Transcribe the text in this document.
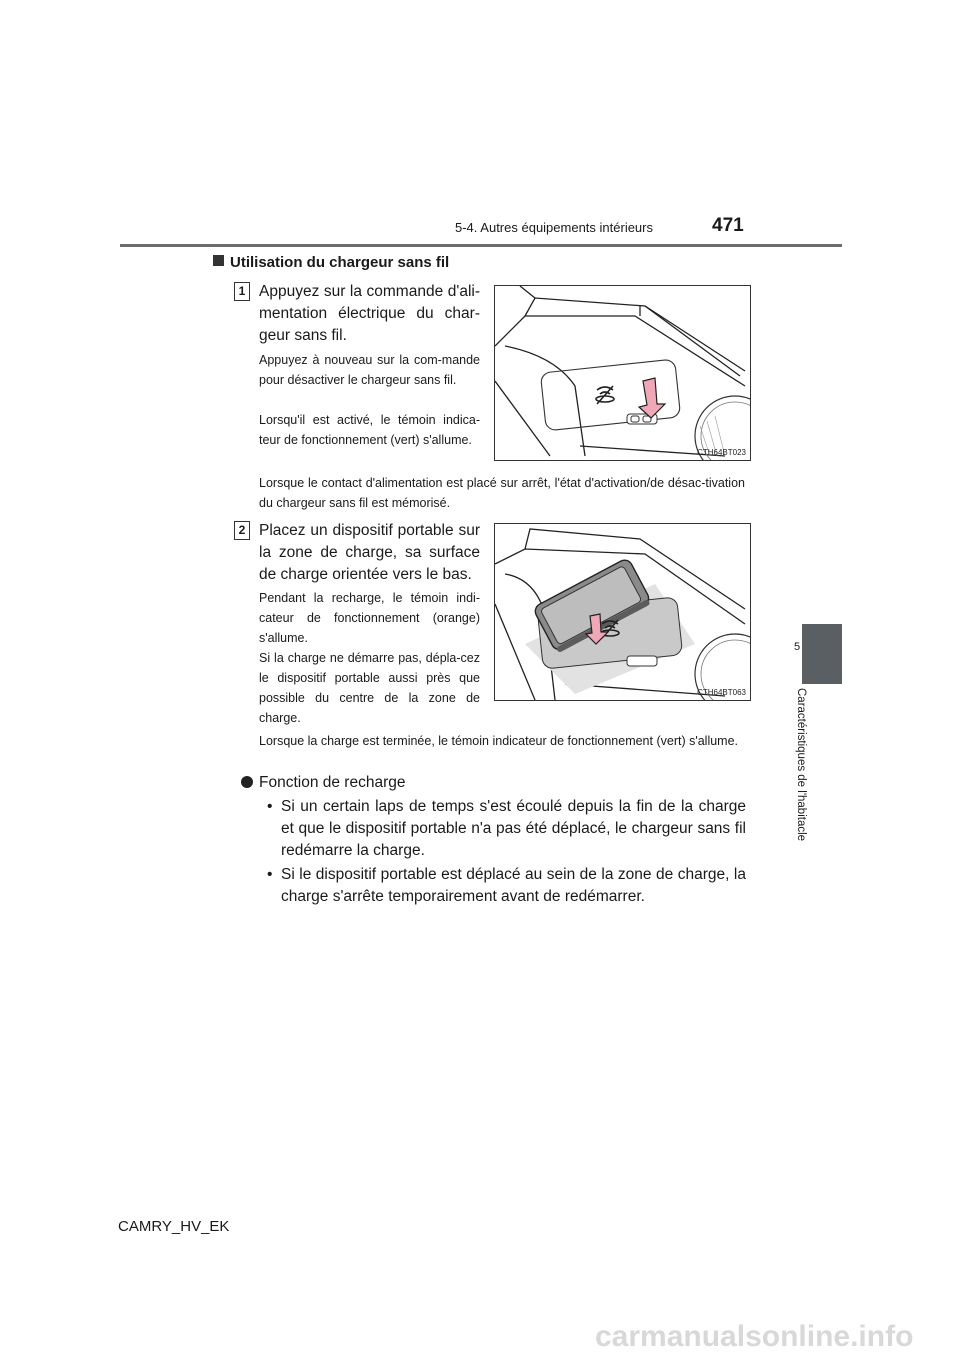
5-4. Autres équipements intérieurs	471
5
Caractéristiques de l'habitacle
Utilisation du chargeur sans fil
1 Appuyez sur la commande d'ali-mentation électrique du char-geur sans fil.
Appuyez à nouveau sur la com-mande pour désactiver le chargeur sans fil.
Lorsqu'il est activé, le témoin indica-teur de fonctionnement (vert) s'allume.
CTH64BT023
Lorsque le contact d'alimentation est placé sur arrêt, l'état d'activation/de désac-tivation du chargeur sans fil est mémorisé.
2 Placez un dispositif portable sur la zone de charge, sa surface de charge orientée vers le bas.
Pendant la recharge, le témoin indi-cateur de fonctionnement (orange) s'allume.
Si la charge ne démarre pas, dépla-cez le dispositif portable aussi près que possible du centre de la zone de charge.
CTH64BT063
Lorsque la charge est terminée, le témoin indicateur de fonctionnement (vert) s'allume.
Fonction de recharge
• Si un certain laps de temps s'est écoulé depuis la fin de la charge et que le dispositif portable n'a pas été déplacé, le chargeur sans fil redémarre la charge.
• Si le dispositif portable est déplacé au sein de la zone de charge, la charge s'arrête temporairement avant de redémarrer.
CAMRY_HV_EK
carmanualsonline.info
